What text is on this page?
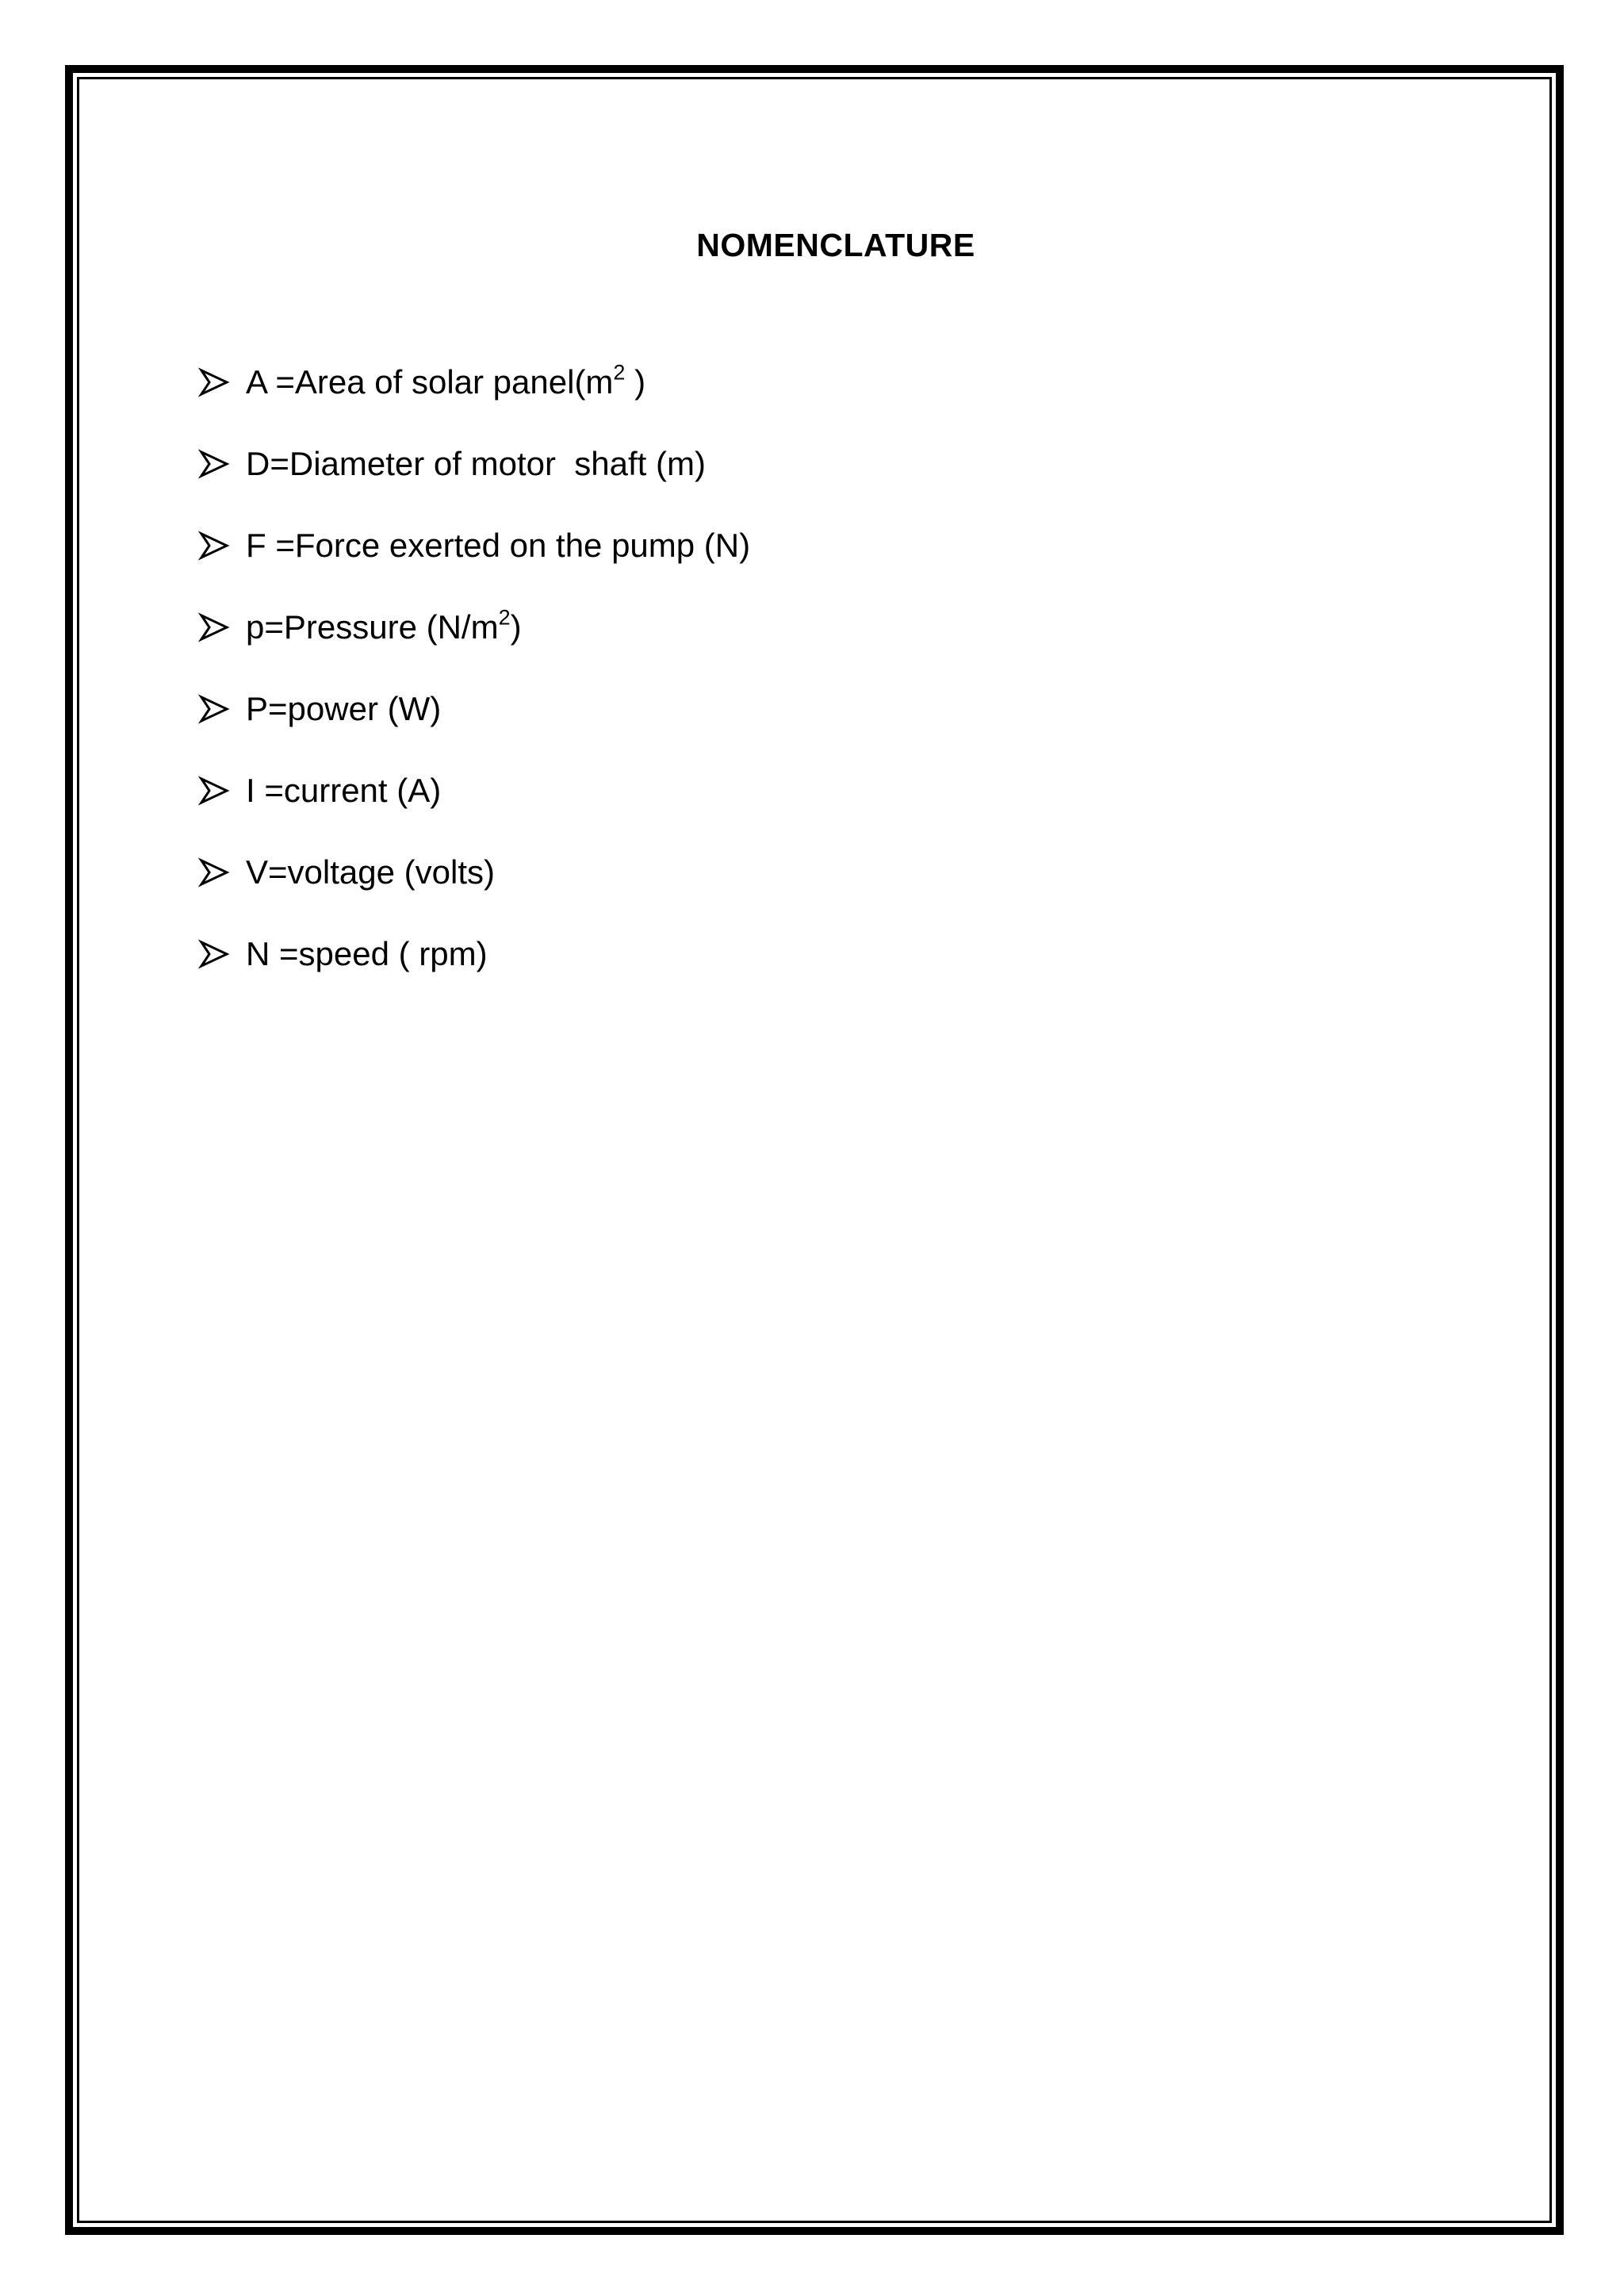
NOMENCLATURE
A =Area of solar $panel(m^2$ )
D=Diameter of motor  shaft (m)
F =Force exerted on the pump (N)
p=Pressure $(N/m^2)$
P=power (W)
I =current (A)
V=voltage (volts)
N =speed ( rpm)
